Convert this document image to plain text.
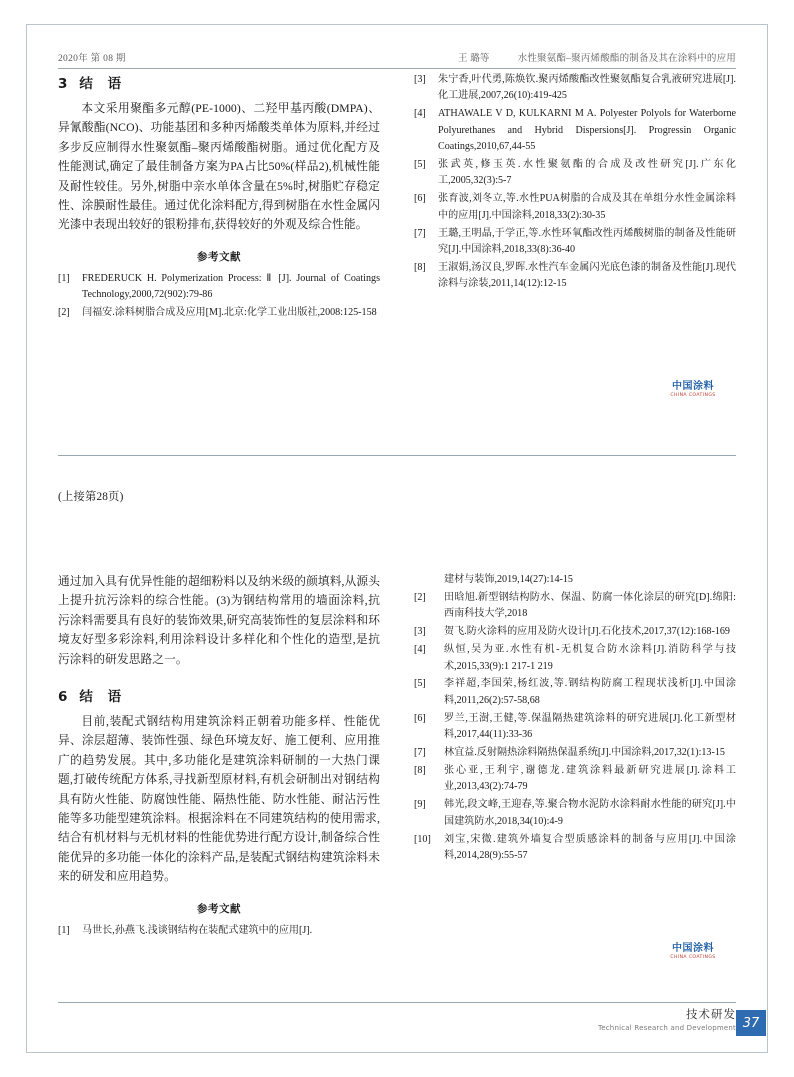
2020年 第 08 期	王 璐等	水性聚氨酯–聚丙烯酸酯的制备及其在涂料中的应用
3 结 语

本文采用聚酯多元醇(PE-1000)、二羟甲基丙酸(DMPA)、异氰酸酯(NCO)、功能基团和多种丙烯酸类单体为原料,并经过多步反应制得水性聚氨酯–聚丙烯酸酯树脂。通过优化配方及性能测试,确定了最佳制备方案为PA占比50%(样品2),机械性能及耐性较佳。另外,树脂中亲水单体含量在5%时,树脂贮存稳定性、涂膜耐性最佳。通过优化涂料配方,得到树脂在水性金属闪光漆中表现出较好的银粉排布,获得较好的外观及综合性能。

参考文献
[1]	FREDERUCK H. Polymerization Process: Ⅱ [J]. Journal of Coatings Technology,2000,72(902):79-86
[2]	闫福安.涂料树脂合成及应用[M].北京:化学工业出版社,2008:125-158
[3]	朱宁香,叶代勇,陈焕钦.聚丙烯酸酯改性聚氨酯复合乳液研究进展[J].化工进展,2007,26(10):419-425
[4]	ATHAWALE V D, KULKARNI M A. Polyester Polyols for Waterborne Polyurethanes and Hybrid Dispersions[J]. Progressin Organic Coatings,2010,67,44-55
[5]	张武英,修玉英.水性聚氨酯的合成及改性研究[J].广东化工,2005,32(3):5-7
[6]	张育波,刘冬立,等.水性PUA树脂的合成及其在单组分水性金属涂料中的应用[J].中国涂料,2018,33(2):30-35
[7]	王璐,王明晶,于学正,等.水性环氧酯改性丙烯酸树脂的制备及性能研究[J].中国涂料,2018,33(8):36-40
[8]	王淑娟,汤汉良,罗晖.水性汽车金属闪光底色漆的制备及性能[J].现代涂料与涂装,2011,14(12):12-15
中国涂料
CHINA COATINGS
(上接第28页)

通过加入具有优异性能的超细粉料以及纳米级的颜填料,从源头上提升抗污涂料的综合性能。(3)为钢结构常用的墙面涂料,抗污涂料需要具有良好的装饰效果,研究高装饰性的复层涂料和环境友好型多彩涂料,利用涂料设计多样化和个性化的造型,是抗污涂料的研发思路之一。

6 结 语

目前,装配式钢结构用建筑涂料正朝着功能多样、性能优异、涂层超薄、装饰性强、绿色环境友好、施工便利、应用推广的趋势发展。其中,多功能化是建筑涂料研制的一大热门课题,打破传统配方体系,寻找新型原材料,有机会研制出对钢结构具有防火性能、防腐蚀性能、隔热性能、防水性能、耐沾污性能等多功能型建筑涂料。根据涂料在不同建筑结构的使用需求,结合有机材料与无机材料的性能优势进行配方设计,制备综合性能优异的多功能一体化的涂料产品,是装配式钢结构建筑涂料未来的研发和应用趋势。

参考文献
[1]	马世长,孙燕飞.浅谈钢结构在装配式建筑中的应用[J].
建材与装饰,2019,14(27):14-15
[2]	田晗旭.新型钢结构防水、保温、防腐一体化涂层的研究[D].绵阳:西南科技大学,2018
[3]	贺飞.防火涂料的应用及防火设计[J].石化技术,2017,37(12):168-169
[4]	纵恒,吴为亚.水性有机-无机复合防水涂料[J].消防科学与技术,2015,33(9):1 217-1 219
[5]	李祥超,李国荣,杨红波,等.钢结构防腐工程现状浅析[J].中国涂料,2011,26(2):57-58,68
[6]	罗兰,王澍,王健,等.保温隔热建筑涂料的研究进展[J].化工新型材料,2017,44(11):33-36
[7]	林宜益.反射隔热涂料隔热保温系统[J].中国涂料,2017,32(1):13-15
[8]	张心亚,王利宇,谢德龙.建筑涂料最新研究进展[J].涂料工业,2013,43(2):74-79
[9]	韩光,段文峰,王迎春,等.聚合物水泥防水涂料耐水性能的研究[J].中国建筑防水,2018,34(10):4-9
[10]	刘宝,宋微.建筑外墙复合型质感涂料的制备与应用[J].中国涂料,2014,28(9):55-57
中国涂料
CHINA COATINGS
技术研发
Technical Research and Development 37
